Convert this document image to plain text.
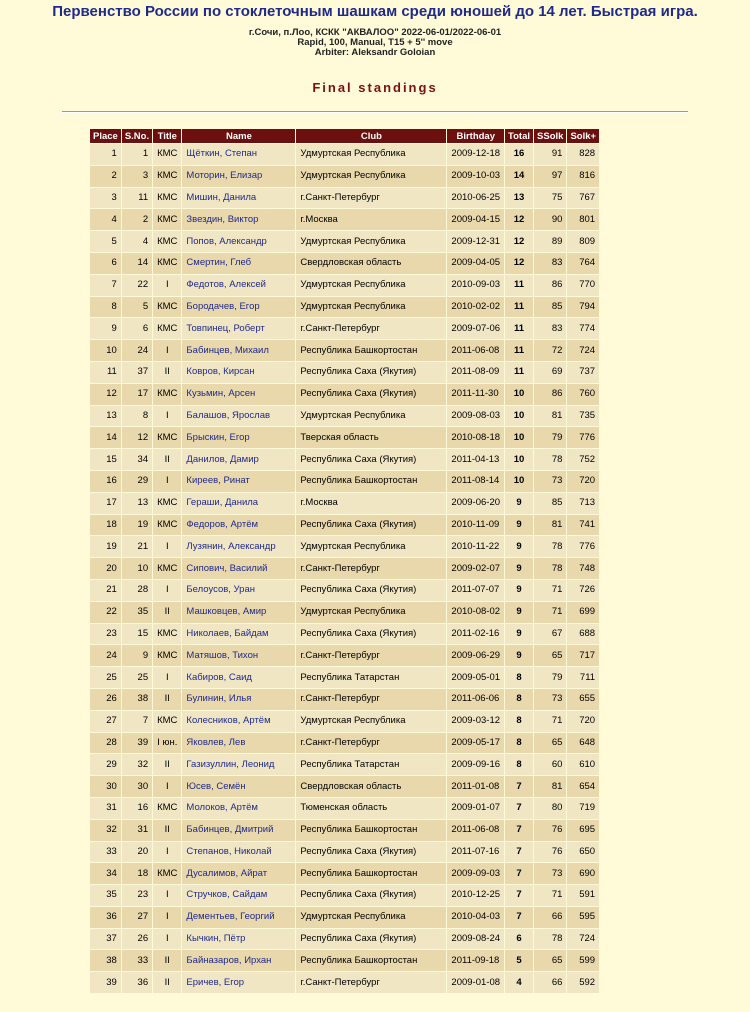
Первенство России по стоклеточным шашкам среди юношей до 14 лет. Быстрая игра.
г.Сочи, п.Лоо, КСКК "АКВАЛОО" 2022-06-01/2022-06-01
Rapid, 100, Manual, T15 + 5'' move
Arbiter: Aleksandr Goloian
Final standings
Place	S.No.	Title	Name	Club	Birthday	Total	SSolk	Solk+
1	1	КМС	Щёткин, Степан	Удмуртская Республика	2009-12-18	16	91	828
2	3	КМС	Моторин, Елизар	Удмуртская Республика	2009-10-03	14	97	816
3	11	КМС	Мишин, Данила	г.Санкт-Петербург	2010-06-25	13	75	767
4	2	КМС	Звездин, Виктор	г.Москва	2009-04-15	12	90	801
5	4	КМС	Попов, Александр	Удмуртская Республика	2009-12-31	12	89	809
6	14	КМС	Смертин, Глеб	Свердловская область	2009-04-05	12	83	764
7	22	I	Федотов, Алексей	Удмуртская Республика	2010-09-03	11	86	770
8	5	КМС	Бородачев, Егор	Удмуртская Республика	2010-02-02	11	85	794
9	6	КМС	Товпинец, Роберт	г.Санкт-Петербург	2009-07-06	11	83	774
10	24	I	Бабинцев, Михаил	Республика Башкортостан	2011-06-08	11	72	724
11	37	II	Ковров, Кирсан	Республика Саха (Якутия)	2011-08-09	11	69	737
12	17	КМС	Кузьмин, Арсен	Республика Саха (Якутия)	2011-11-30	10	86	760
13	8	I	Балашов, Ярослав	Удмуртская Республика	2009-08-03	10	81	735
14	12	КМС	Брыскин, Егор	Тверская область	2010-08-18	10	79	776
15	34	II	Данилов, Дамир	Республика Саха (Якутия)	2011-04-13	10	78	752
16	29	I	Киреев, Ринат	Республика Башкортостан	2011-08-14	10	73	720
17	13	КМС	Гераши, Данила	г.Москва	2009-06-20	9	85	713
18	19	КМС	Федоров, Артём	Республика Саха (Якутия)	2010-11-09	9	81	741
19	21	I	Лузянин, Александр	Удмуртская Республика	2010-11-22	9	78	776
20	10	КМС	Сипович, Василий	г.Санкт-Петербург	2009-02-07	9	78	748
21	28	I	Белоусов, Уран	Республика Саха (Якутия)	2011-07-07	9	71	726
22	35	II	Машковцев, Амир	Удмуртская Республика	2010-08-02	9	71	699
23	15	КМС	Николаев, Байдам	Республика Саха (Якутия)	2011-02-16	9	67	688
24	9	КМС	Матяшов, Тихон	г.Санкт-Петербург	2009-06-29	9	65	717
25	25	I	Кабиров, Саид	Республика Татарстан	2009-05-01	8	79	711
26	38	II	Булинин, Илья	г.Санкт-Петербург	2011-06-06	8	73	655
27	7	КМС	Колесников, Артём	Удмуртская Республика	2009-03-12	8	71	720
28	39	I юн.	Яковлев, Лев	г.Санкт-Петербург	2009-05-17	8	65	648
29	32	II	Газизуллин, Леонид	Республика Татарстан	2009-09-16	8	60	610
30	30	I	Юсев, Семён	Свердловская область	2011-01-08	7	81	654
31	16	КМС	Молоков, Артём	Тюменская область	2009-01-07	7	80	719
32	31	II	Бабинцев, Дмитрий	Республика Башкортостан	2011-06-08	7	76	695
33	20	I	Степанов, Николай	Республика Саха (Якутия)	2011-07-16	7	76	650
34	18	КМС	Дусалимов, Айрат	Республика Башкортостан	2009-09-03	7	73	690
35	23	I	Стручков, Сайдам	Республика Саха (Якутия)	2010-12-25	7	71	591
36	27	I	Дементьев, Георгий	Удмуртская Республика	2010-04-03	7	66	595
37	26	I	Кычкин, Пётр	Республика Саха (Якутия)	2009-08-24	6	78	724
38	33	II	Байназаров, Ирхан	Республика Башкортостан	2011-09-18	5	65	599
39	36	II	Еричев, Егор	г.Санкт-Петербург	2009-01-08	4	66	592
